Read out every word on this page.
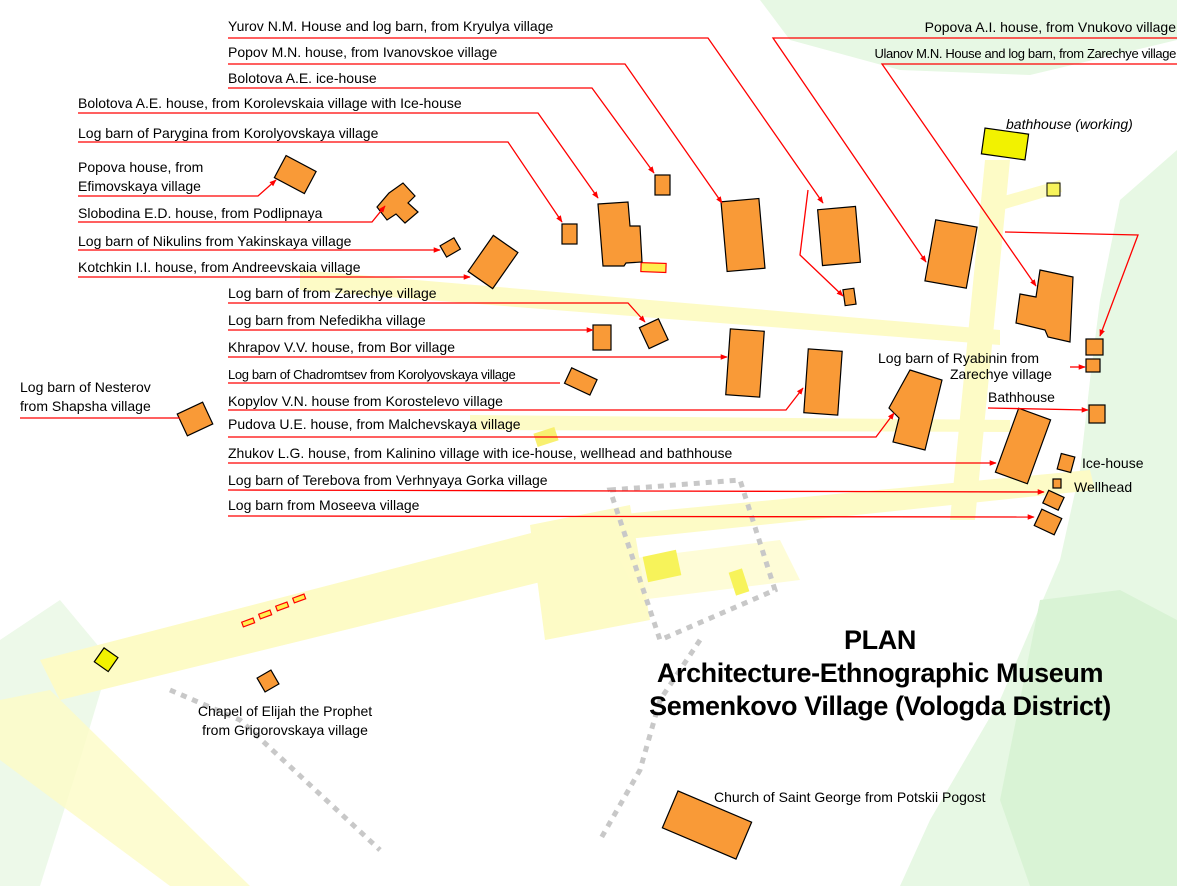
Yurov N.M. House and log barn, from Kryulya village
Popov M.N. house, from Ivanovskoe village
Bolotova A.E. ice-house
Bolotova A.E. house, from Korolevskaia village with Ice-house
Log barn of Parygina from Korolyovskaya village
Popova house, from
Efimovskaya village
Slobodina E.D. house, from Podlipnaya
Log barn of Nikulins from Yakinskaya village
Kotchkin I.I. house, from Andreevskaia village
Log barn of from Zarechye village
Log barn from Nefedikha village
Khrapov V.V. house, from Bor village
Log barn of Chadromtsev from Korolyovskaya village
Kopylov V.N. house from Korostelevo village
Pudova U.E. house, from Malchevskaya village
Zhukov L.G. house, from Kalinino village with ice-house, wellhead and bathhouse
Log barn of Terebova from Verhnyaya Gorka village
Log barn from Moseeva village
Log barn of Nesterov
from Shapsha village
Popova A.I. house, from Vnukovo village
Ulanov M.N. House and log barn, from Zarechye village
bathhouse (working)
Log barn of Ryabinin from
Zarechye village
Bathhouse
Ice-house
Wellhead
Chapel of Elijah the Prophet
from Grigorovskaya village
Church of Saint George from Potskii Pogost
PLAN
Architecture-Ethnographic Museum
Semenkovo Village (Vologda District)
